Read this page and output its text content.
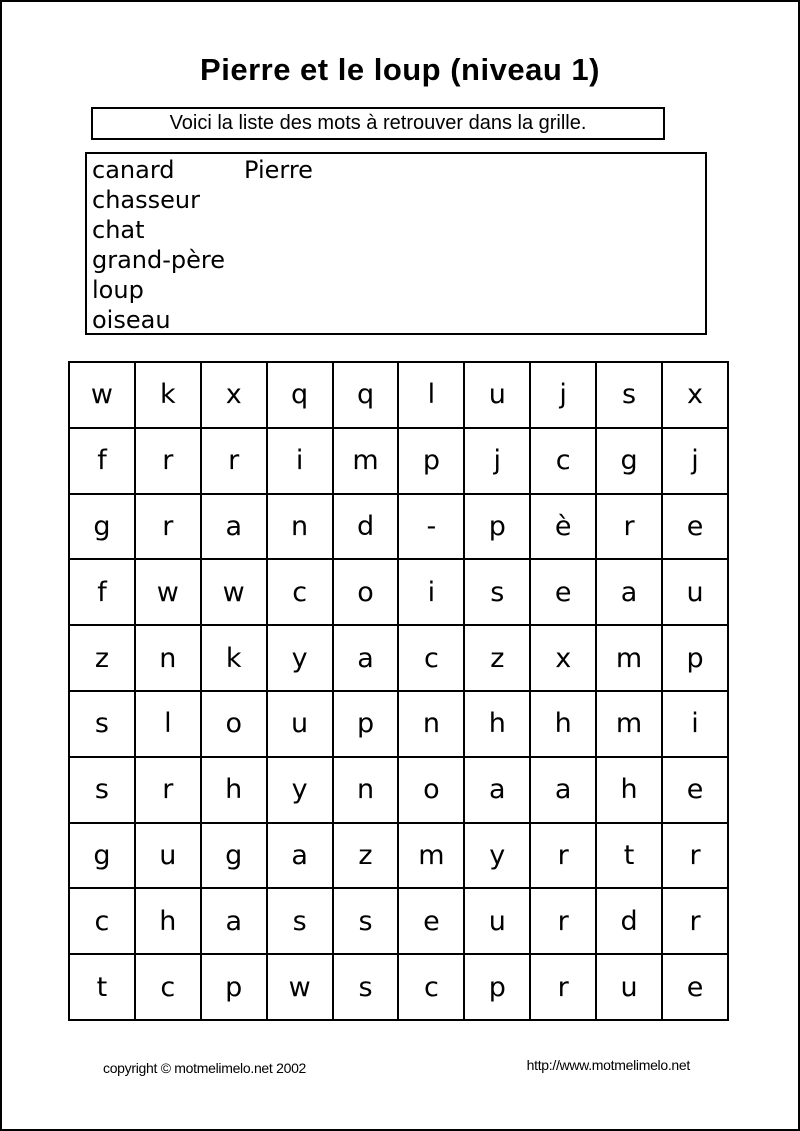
Pierre et le loup (niveau 1)
Voici la liste des mots à retrouver dans la grille.
canard
chasseur
chat
grand-père
loup
oiseau
Pierre
w	k	x	q	q	l	u	j	s	x
f	r	r	i	m	p	j	c	g	j
g	r	a	n	d	-	p	è	r	e
f	w	w	c	o	i	s	e	a	u
z	n	k	y	a	c	z	x	m	p
s	l	o	u	p	n	h	h	m	i
s	r	h	y	n	o	a	a	h	e
g	u	g	a	z	m	y	r	t	r
c	h	a	s	s	e	u	r	d	r
t	c	p	w	s	c	p	r	u	e
copyright © motmelimelo.net 2002	http://www.motmelimelo.net
